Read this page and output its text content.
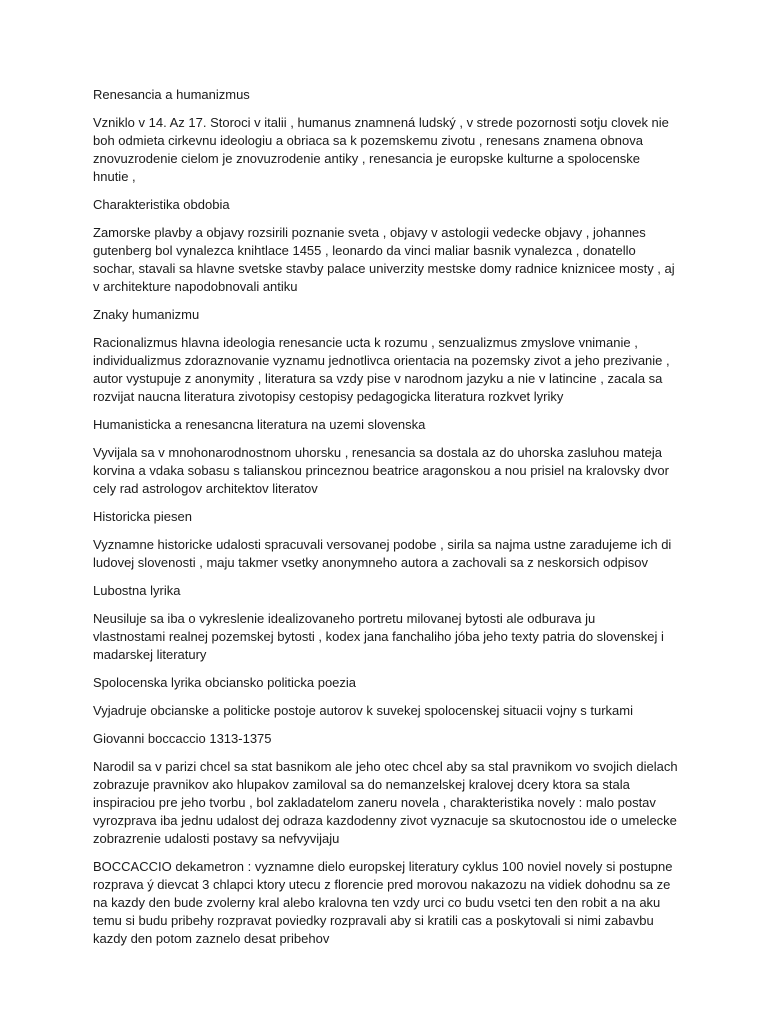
Renesancia a humanizmus
Vzniklo v 14. Az 17. Storoci v italii , humanus znamnená ludský , v strede pozornosti sotju clovek nie
boh odmieta cirkevnu ideologiu a obriaca sa k pozemskemu zivotu , renesans znamena obnova
znovuzrodenie cielom je znovuzrodenie antiky , renesancia je europske kulturne a spolocenske
hnutie ,
Charakteristika obdobia
Zamorske plavby a objavy rozsirili poznanie sveta , objavy v astologii vedecke objavy , johannes
gutenberg bol vynalezca knihtlace 1455 , leonardo da vinci maliar basnik vynalezca , donatello
sochar, stavali sa hlavne svetske stavby palace univerzity mestske domy radnice kniznicee mosty , aj
v architekture napodobnovali antiku
Znaky humanizmu
Racionalizmus hlavna ideologia renesancie ucta k rozumu , senzualizmus zmyslove vnimanie ,
individualizmus zdoraznovanie vyznamu jednotlivca orientacia na pozemsky zivot a jeho prezivanie ,
autor vystupuje z anonymity , literatura sa vzdy pise v narodnom jazyku a nie v latincine , zacala sa
rozvijat naucna literatura zivotopisy cestopisy pedagogicka literatura rozkvet lyriky
Humanisticka a renesancna literatura na uzemi slovenska
Vyvijala sa v mnohonarodnostnom uhorsku , renesancia sa dostala az do uhorska zasluhou mateja
korvina a vdaka sobasu s talianskou princeznou beatrice aragonskou a nou prisiel na kralovsky dvor
cely rad astrologov architektov literatov
Historicka piesen
Vyznamne historicke udalosti spracuvali versovanej podobe , sirila sa najma ustne zaradujeme ich di
ludovej slovenosti , maju takmer vsetky anonymneho autora a zachovali sa z neskorsich odpisov
Lubostna lyrika
Neusiluje sa iba o vykreslenie idealizovaneho portretu milovanej bytosti ale odburava ju
vlastnostami realnej pozemskej bytosti , kodex jana fanchaliho jóba jeho texty patria do slovenskej i
madarskej literatury
Spolocenska lyrika obciansko politicka poezia
Vyjadruje obcianske a politicke postoje autorov k suvekej spolocenskej situacii vojny s turkami
Giovanni boccaccio 1313-1375
Narodil sa v parizi chcel sa stat basnikom ale jeho otec chcel aby sa stal pravnikom vo svojich dielach
zobrazuje pravnikov ako hlupakov zamiloval sa do nemanzelskej kralovej dcery ktora sa stala
inspiraciou pre jeho tvorbu , bol zakladatelom zaneru novela , charakteristika novely : malo postav
vyrozprava iba jednu udalost dej odraza kazdodenny zivot vyznacuje sa skutocnostou ide o umelecke
zobrazrenie udalosti postavy sa nefvyvijaju
BOCCACCIO dekametron : vyznamne dielo europskej literatury cyklus 100 noviel novely si postupne
rozprava ý dievcat 3 chlapci ktory utecu z florencie pred morovou nakazozu na vidiek dohodnu sa ze
na kazdy den bude zvolerny kral alebo kralovna ten vzdy urci co budu vsetci ten den robit a na aku
temu si budu pribehy rozpravat poviedky rozpravali aby si kratili cas a poskytovali si nimi zabavbu
kazdy den potom zaznelo desat pribehov
